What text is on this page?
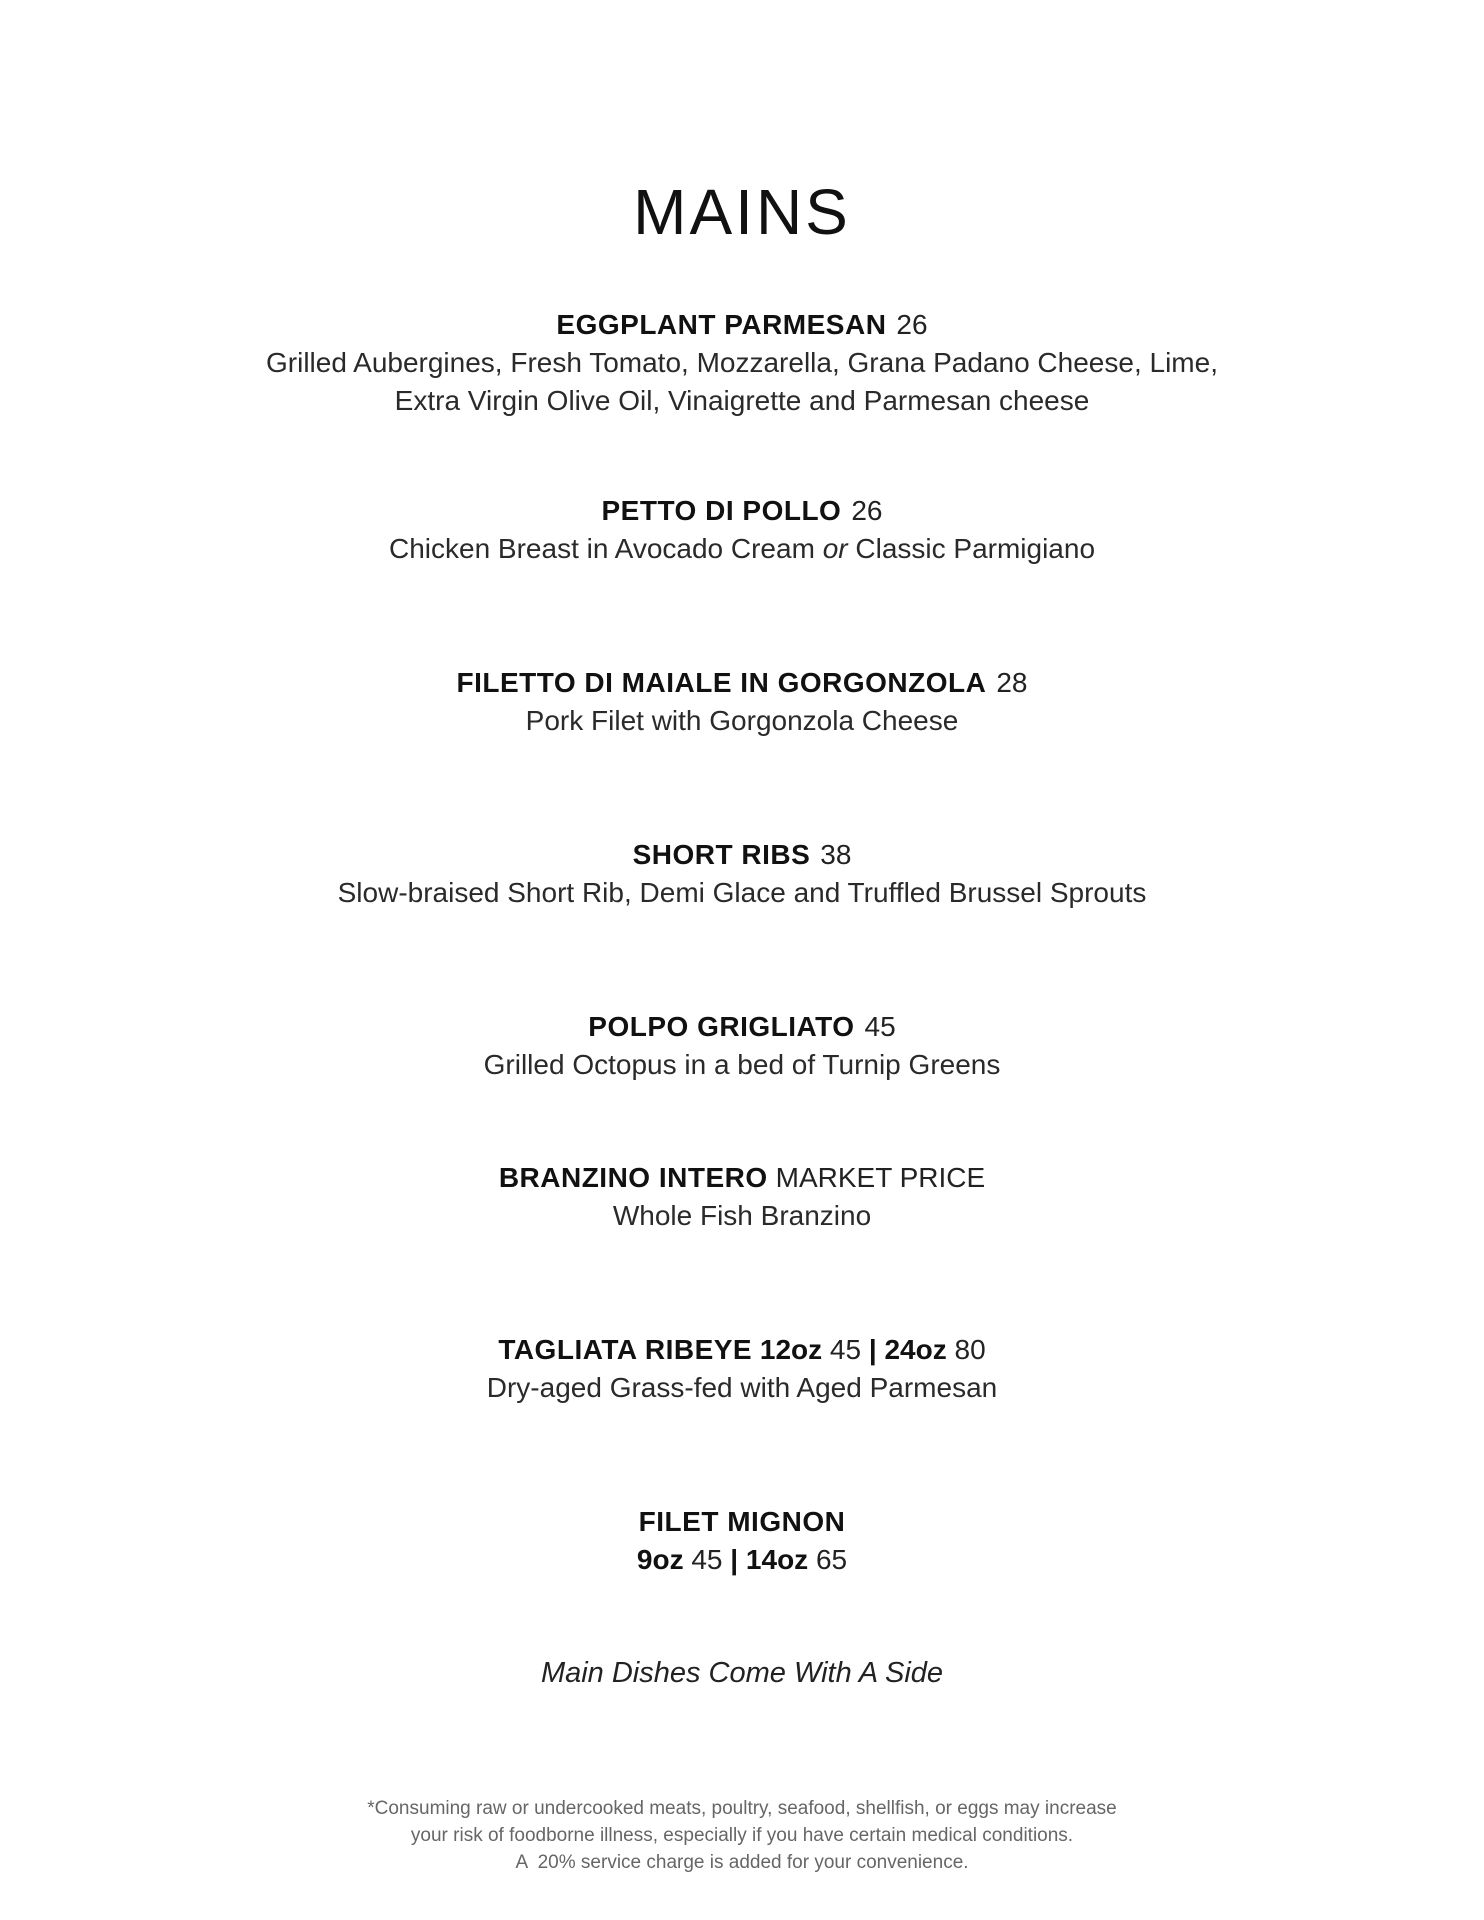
MAINS
EGGPLANT PARMESAN 26
Grilled Aubergines, Fresh Tomato, Mozzarella, Grana Padano Cheese, Lime,
Extra Virgin Olive Oil, Vinaigrette and Parmesan cheese
PETTO DI POLLO 26
Chicken Breast in Avocado Cream or Classic Parmigiano
FILETTO DI MAIALE IN GORGONZOLA 28
Pork Filet with Gorgonzola Cheese
SHORT RIBS 38
Slow-braised Short Rib, Demi Glace and Truffled Brussel Sprouts
POLPO GRIGLIATO 45
Grilled Octopus in a bed of Turnip Greens
BRANZINO INTERO MARKET PRICE
Whole Fish Branzino
TAGLIATA RIBEYE 12oz 45 | 24oz 80
Dry-aged Grass-fed with Aged Parmesan
FILET MIGNON
9oz 45 | 14oz 65
Main Dishes Come With A Side
*Consuming raw or undercooked meats, poultry, seafood, shellfish, or eggs may increase
your risk of foodborne illness, especially if you have certain medical conditions.
A  20% service charge is added for your convenience.
